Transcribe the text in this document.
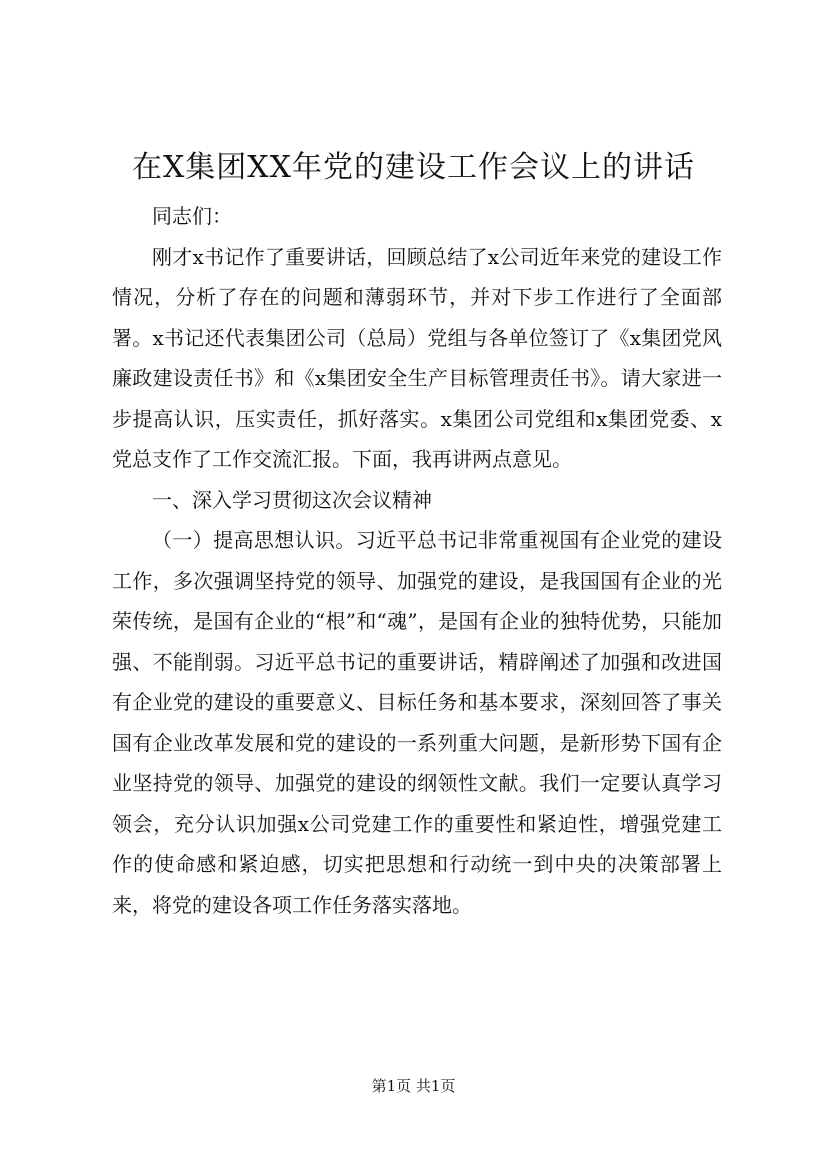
在X集团XX年党的建设工作会议上的讲话

同志们：

刚才x书记作了重要讲话，回顾总结了x公司近年来党的建设工作情况，分析了存在的问题和薄弱环节，并对下步工作进行了全面部署。x书记还代表集团公司（总局）党组与各单位签订了《x集团党风廉政建设责任书》和《x集团安全生产目标管理责任书》。请大家进一步提高认识，压实责任，抓好落实。x集团公司党组和x集团党委、x党总支作了工作交流汇报。下面，我再讲两点意见。

一、深入学习贯彻这次会议精神

（一）提高思想认识。习近平总书记非常重视国有企业党的建设工作，多次强调坚持党的领导、加强党的建设，是我国国有企业的光荣传统，是国有企业的“根”和“魂”，是国有企业的独特优势，只能加强、不能削弱。习近平总书记的重要讲话，精辟阐述了加强和改进国有企业党的建设的重要意义、目标任务和基本要求，深刻回答了事关国有企业改革发展和党的建设的一系列重大问题，是新形势下国有企业坚持党的领导、加强党的建设的纲领性文献。我们一定要认真学习领会，充分认识加强x公司党建工作的重要性和紧迫性，增强党建工作的使命感和紧迫感，切实把思想和行动统一到中央的决策部署上来，将党的建设各项工作任务落实落地。

第1页 共1页
